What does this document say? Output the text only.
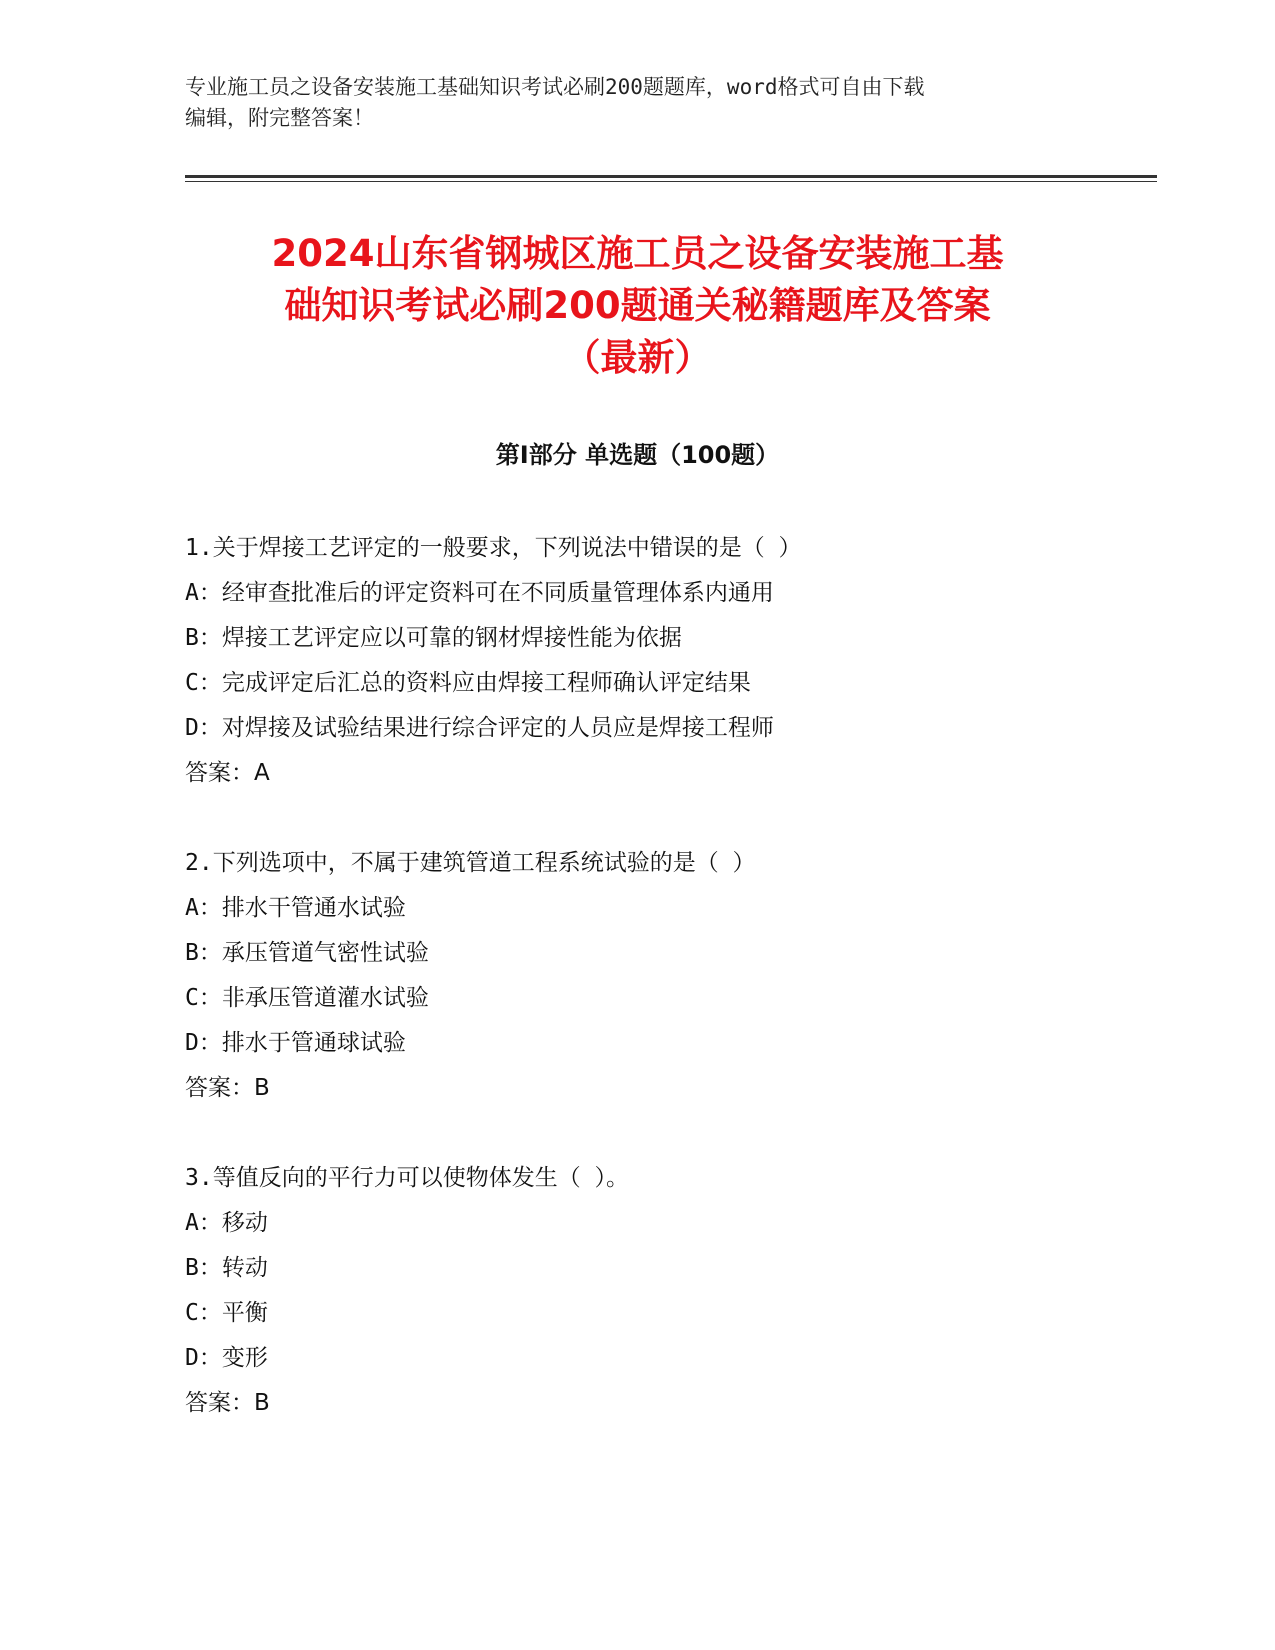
专业施工员之设备安装施工基础知识考试必刷200题题库，word格式可自由下载
编辑，附完整答案！
2024山东省钢城区施工员之设备安装施工基
础知识考试必刷200题通关秘籍题库及答案
（最新）
第Ⅰ部分 单选题（100题）
1.关于焊接工艺评定的一般要求，下列说法中错误的是（ ）
A：经审查批准后的评定资料可在不同质量管理体系内通用
B：焊接工艺评定应以可靠的钢材焊接性能为依据
C：完成评定后汇总的资料应由焊接工程师确认评定结果
D：对焊接及试验结果进行综合评定的人员应是焊接工程师
答案：A
2.下列选项中，不属于建筑管道工程系统试验的是（ ）
A：排水干管通水试验
B：承压管道气密性试验
C：非承压管道灌水试验
D：排水于管通球试验
答案：B
3.等值反向的平行力可以使物体发生（ ）。
A：移动
B：转动
C：平衡
D：变形
答案：B
